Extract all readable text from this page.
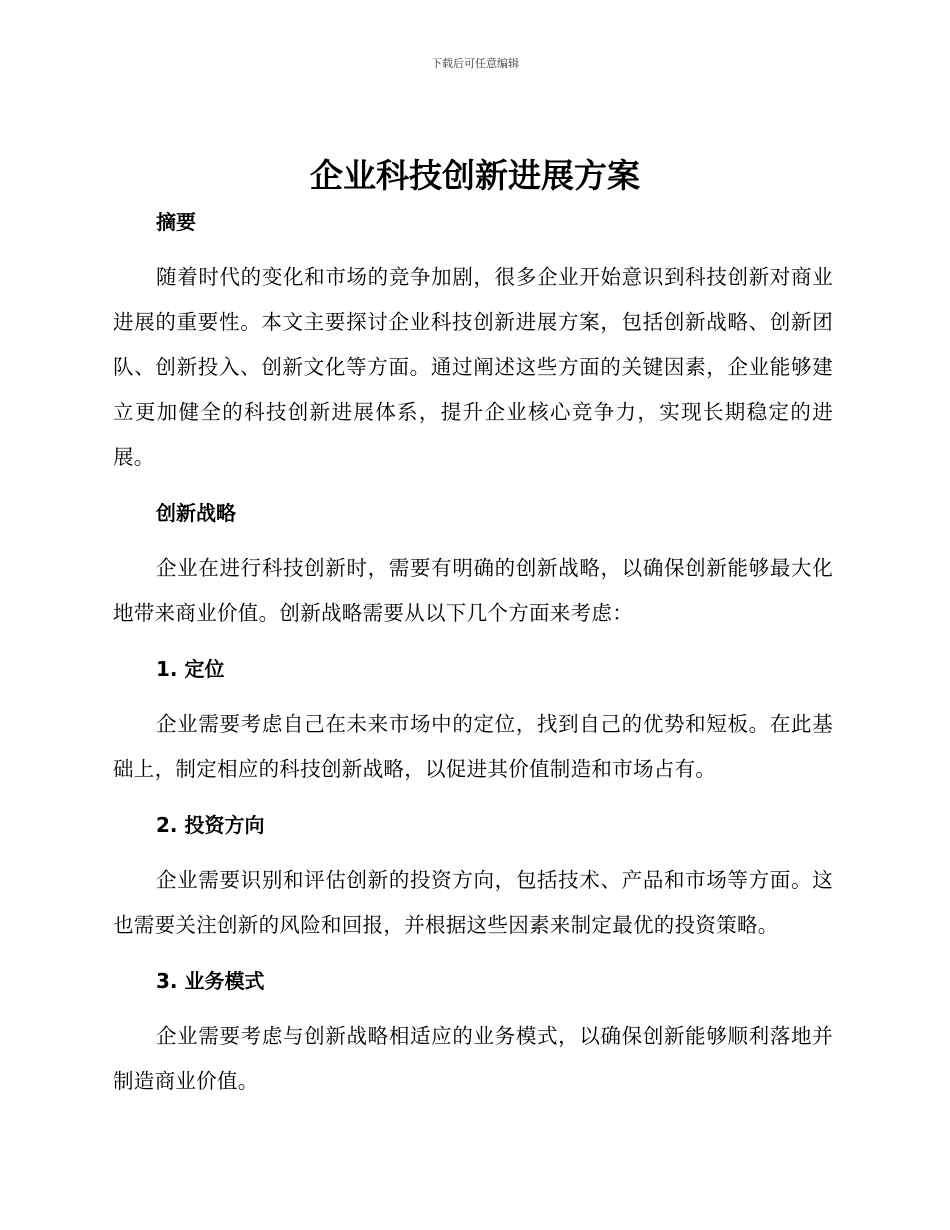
下载后可任意编辑
企业科技创新进展方案
摘要

随着时代的变化和市场的竞争加剧，很多企业开始意识到科技创新对商业进展的重要性。本文主要探讨企业科技创新进展方案，包括创新战略、创新团队、创新投入、创新文化等方面。通过阐述这些方面的关键因素，企业能够建立更加健全的科技创新进展体系，提升企业核心竞争力，实现长期稳定的进展。

创新战略

企业在进行科技创新时，需要有明确的创新战略，以确保创新能够最大化地带来商业价值。创新战略需要从以下几个方面来考虑：

1. 定位

企业需要考虑自己在未来市场中的定位，找到自己的优势和短板。在此基础上，制定相应的科技创新战略，以促进其价值制造和市场占有。

2. 投资方向

企业需要识别和评估创新的投资方向，包括技术、产品和市场等方面。这也需要关注创新的风险和回报，并根据这些因素来制定最优的投资策略。

3. 业务模式

企业需要考虑与创新战略相适应的业务模式，以确保创新能够顺利落地并制造商业价值。
